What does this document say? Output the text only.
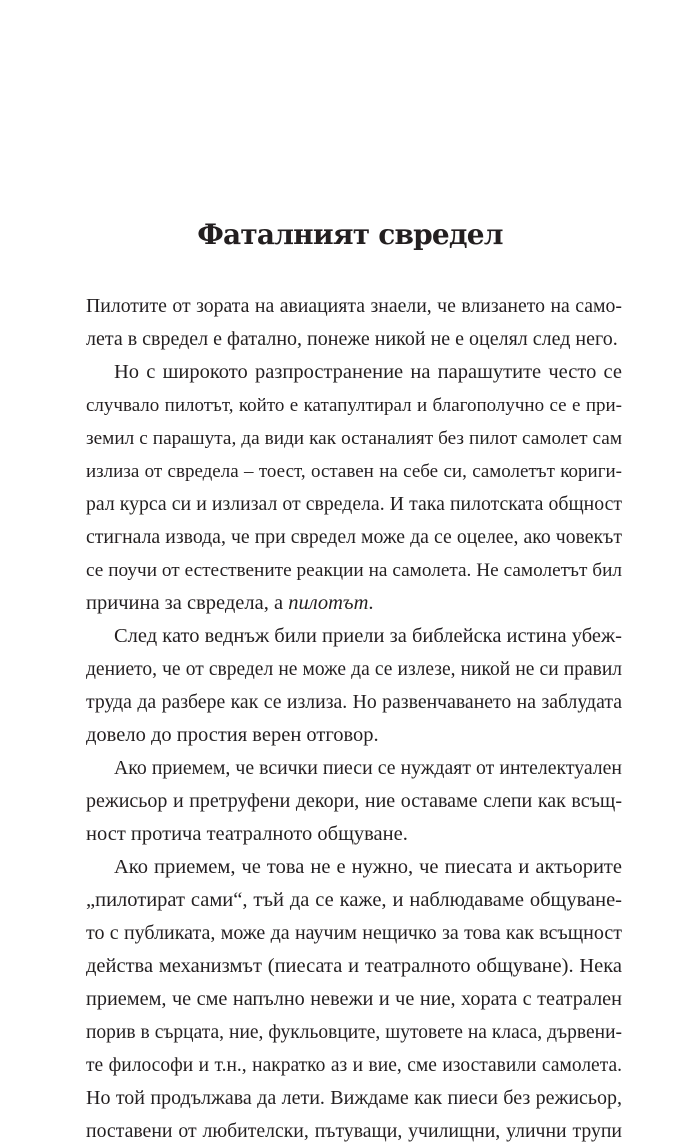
Фаталният свредел
Пилотите от зората на авиацията знаели, че влизането на само-
лета в свредел е фатално, понеже никой не е оцелял след него.
Но с широкото разпространение на парашутите често се
случвало пилотът, който е катапултирал и благополучно се е при-
земил с парашута, да види как останалият без пилот самолет сам
излиза от свредела – тоест, оставен на себе си, самолетът кориги-
рал курса си и излизал от свредела. И така пилотската общност
стигнала извода, че при свредел може да се оцелее, ако човекът
се поучи от естествените реакции на самолета. Не самолетът бил
причина за свредела, а пилотът.
След като веднъж били приели за библейска истина убеж-
дението, че от свредел не може да се излезе, никой не си правил
труда да разбере как се излиза. Но развенчаването на заблудата
довело до простия верен отговор.
Ако приемем, че всички пиеси се нуждаят от интелектуален
режисьор и претруфени декори, ние оставаме слепи как всъщ-
ност протича театралното общуване.
Ако приемем, че това не е нужно, че пиесата и актьорите
„пилотират сами“, тъй да се каже, и наблюдаваме общуване-
то с публиката, може да научим нещичко за това как всъщност
действа механизмът (пиесата и театралното общуване). Нека
приемем, че сме напълно невежи и че ние, хората с театрален
порив в сърцата, ние, фукльовците, шутовете на класа, дървени-
те философи и т.н., накратко аз и вие, сме изоставили самолета.
Но той продължава да лети. Виждаме как пиеси без режисьор,
поставени от любителски, пътуващи, училищни, улични трупи
